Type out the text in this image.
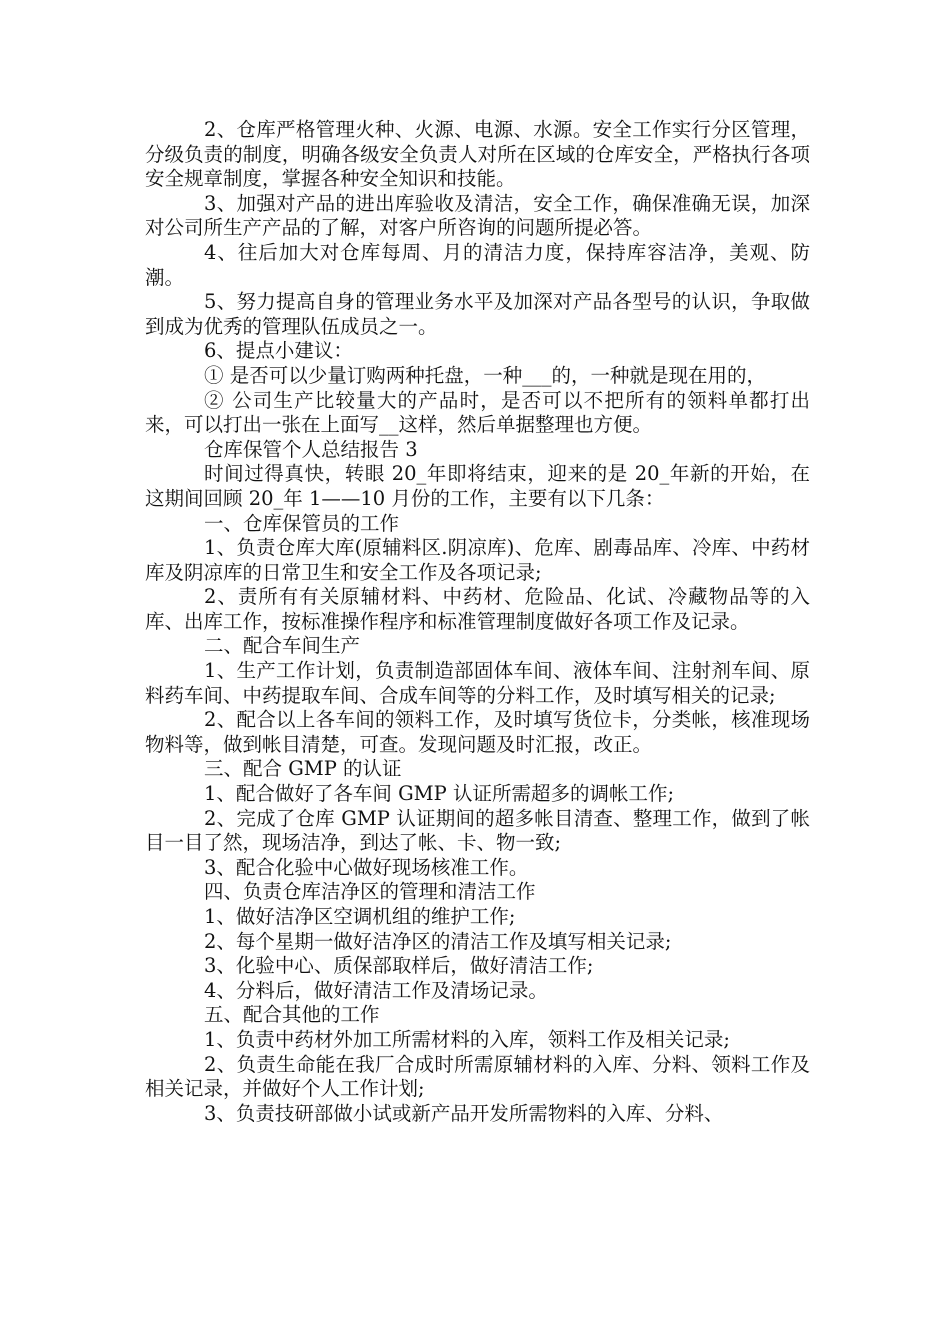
2、仓库严格管理火种、火源、电源、水源。安全工作实行分区管理，分级负责的制度，明确各级安全负责人对所在区域的仓库安全，严格执行各项安全规章制度，掌握各种安全知识和技能。

3、加强对产品的进出库验收及清洁，安全工作，确保准确无误，加深对公司所生产产品的了解，对客户所咨询的问题所提必答。

4、往后加大对仓库每周、月的清洁力度，保持库容洁净，美观、防潮。

5、努力提高自身的管理业务水平及加深对产品各型号的认识，争取做到成为优秀的管理队伍成员之一。

6、提点小建议：

① 是否可以少量订购两种托盘，一种___的，一种就是现在用的，

② 公司生产比较量大的产品时，是否可以不把所有的领料单都打出来，可以打出一张在上面写__这样，然后单据整理也方便。

仓库保管个人总结报告 3

时间过得真快，转眼 20_年即将结束，迎来的是 20_年新的开始，在这期间回顾 20_年 1——10 月份的工作，主要有以下几条：

一、仓库保管员的工作

1、负责仓库大库(原辅料区.阴凉库)、危库、剧毒品库、冷库、中药材库及阴凉库的日常卫生和安全工作及各项记录;

2、责所有有关原辅材料、中药材、危险品、化试、冷藏物品等的入库、出库工作，按标准操作程序和标准管理制度做好各项工作及记录。

二、配合车间生产

1、生产工作计划，负责制造部固体车间、液体车间、注射剂车间、原料药车间、中药提取车间、合成车间等的分料工作，及时填写相关的记录;

2、配合以上各车间的领料工作，及时填写货位卡，分类帐，核准现场物料等，做到帐目清楚，可查。发现问题及时汇报，改正。

三、配合 GMP 的认证

1、配合做好了各车间 GMP 认证所需超多的调帐工作;

2、完成了仓库 GMP 认证期间的超多帐目清查、整理工作，做到了帐目一目了然，现场洁净，到达了帐、卡、物一致;

3、配合化验中心做好现场核准工作。

四、负责仓库洁净区的管理和清洁工作

1、做好洁净区空调机组的维护工作;

2、每个星期一做好洁净区的清洁工作及填写相关记录;

3、化验中心、质保部取样后，做好清洁工作;

4、分料后，做好清洁工作及清场记录。

五、配合其他的工作

1、负责中药材外加工所需材料的入库，领料工作及相关记录;

2、负责生命能在我厂合成时所需原辅材料的入库、分料、领料工作及相关记录，并做好个人工作计划;

3、负责技研部做小试或新产品开发所需物料的入库、分料、
